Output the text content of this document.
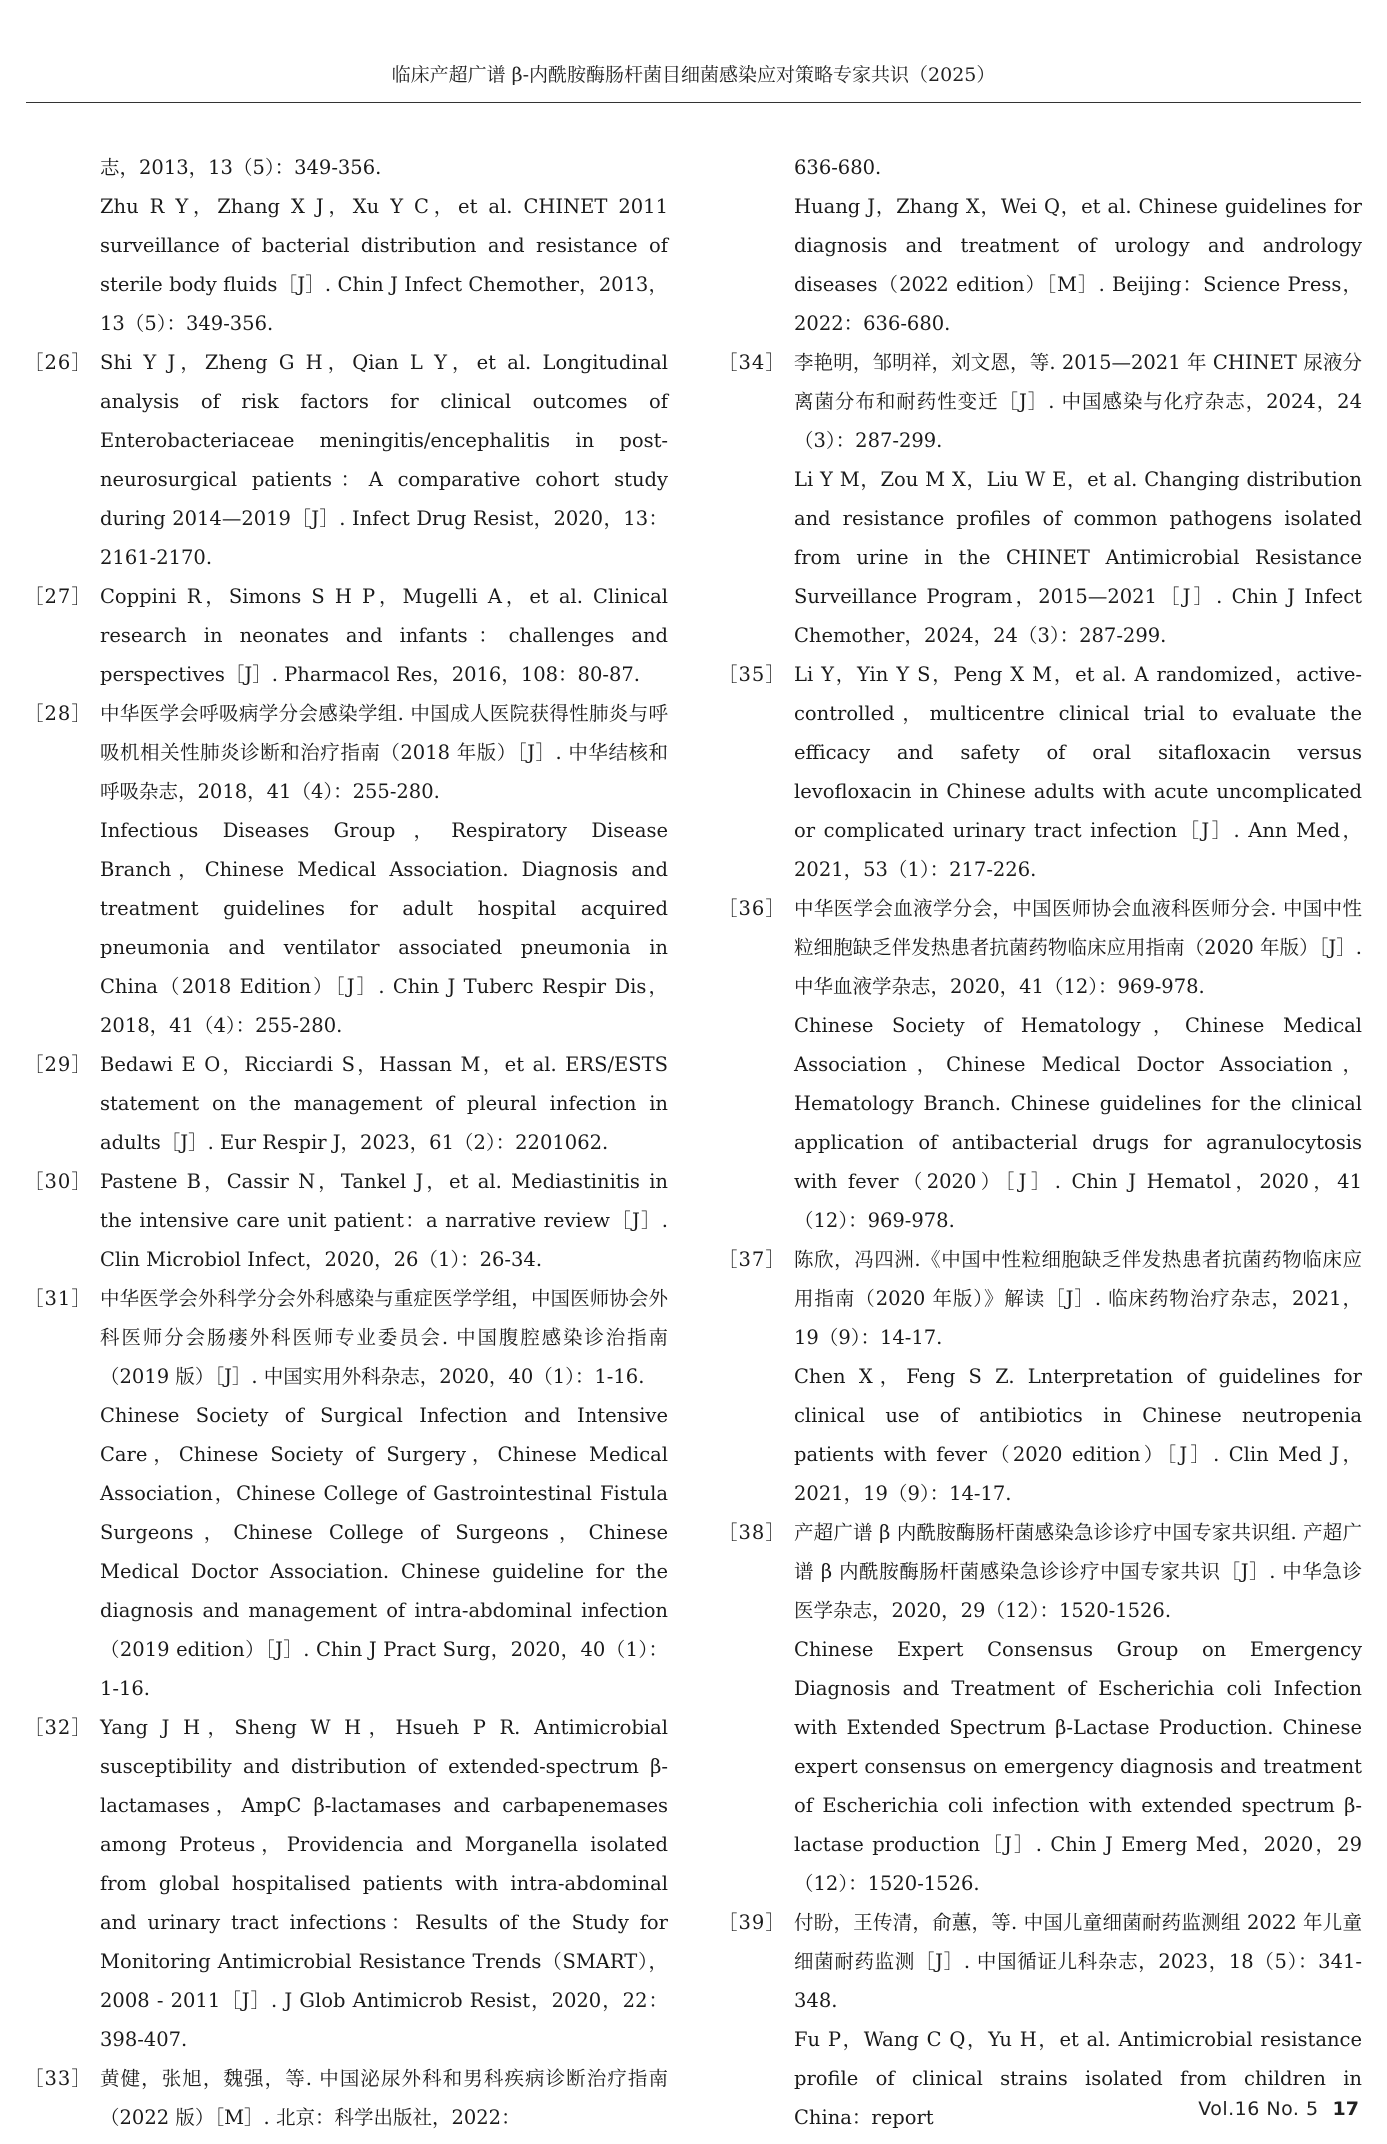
临床产超广谱 β-内酰胺酶肠杆菌目细菌感染应对策略专家共识（2025）
志，2013，13（5）：349-356.
Zhu R Y，Zhang X J，Xu Y C，et al. CHINET 2011 surveillance of bacterial distribution and resistance of sterile body fluids［J］. Chin J Infect Chemother，2013，13（5）：349-356.
［26］ Shi Y J，Zheng G H，Qian L Y，et al. Longitudinal analysis of risk factors for clinical outcomes of Enterobacteriaceae meningitis/encephalitis in post-neurosurgical patients：A comparative cohort study during 2014—2019［J］. Infect Drug Resist，2020，13：2161-2170.
［27］ Coppini R，Simons S H P，Mugelli A，et al. Clinical research in neonates and infants：challenges and perspectives［J］. Pharmacol Res，2016，108：80-87.
［28］ 中华医学会呼吸病学分会感染学组. 中国成人医院获得性肺炎与呼吸机相关性肺炎诊断和治疗指南（2018 年版）［J］. 中华结核和呼吸杂志，2018，41（4）：255-280.
Infectious Diseases Group，Respiratory Disease Branch，Chinese Medical Association. Diagnosis and treatment guidelines for adult hospital acquired pneumonia and ventilator associated pneumonia in China（2018 Edition）［J］. Chin J Tuberc Respir Dis，2018，41（4）：255-280.
［29］ Bedawi E O，Ricciardi S，Hassan M，et al. ERS/ESTS statement on the management of pleural infection in adults［J］. Eur Respir J，2023，61（2）：2201062.
［30］ Pastene B，Cassir N，Tankel J，et al. Mediastinitis in the intensive care unit patient：a narrative review［J］. Clin Microbiol Infect，2020，26（1）：26-34.
［31］ 中华医学会外科学分会外科感染与重症医学学组，中国医师协会外科医师分会肠瘘外科医师专业委员会. 中国腹腔感染诊治指南（2019 版）［J］. 中国实用外科杂志，2020，40（1）：1-16.
Chinese Society of Surgical Infection and Intensive Care，Chinese Society of Surgery，Chinese Medical Association，Chinese College of Gastrointestinal Fistula Surgeons，Chinese College of Surgeons，Chinese Medical Doctor Association. Chinese guideline for the diagnosis and management of intra-abdominal infection（2019 edition）［J］. Chin J Pract Surg，2020，40（1）：1-16.
［32］ Yang J H，Sheng W H，Hsueh P R. Antimicrobial susceptibility and distribution of extended-spectrum β-lactamases，AmpC β-lactamases and carbapenemases among Proteus，Providencia and Morganella isolated from global hospitalised patients with intra-abdominal and urinary tract infections：Results of the Study for Monitoring Antimicrobial Resistance Trends（SMART），2008 - 2011［J］. J Glob Antimicrob Resist，2020，22：398-407.
［33］ 黄健，张旭，魏强，等. 中国泌尿外科和男科疾病诊断治疗指南（2022 版）［M］. 北京：科学出版社，2022：
636-680.
Huang J，Zhang X，Wei Q，et al. Chinese guidelines for diagnosis and treatment of urology and andrology diseases（2022 edition）［M］. Beijing：Science Press，2022：636-680.
［34］ 李艳明，邹明祥，刘文恩，等. 2015—2021 年 CHINET 尿液分离菌分布和耐药性变迁［J］. 中国感染与化疗杂志，2024，24（3）：287-299.
Li Y M，Zou M X，Liu W E，et al. Changing distribution and resistance profiles of common pathogens isolated from urine in the CHINET Antimicrobial Resistance Surveillance Program，2015—2021［J］. Chin J Infect Chemother，2024，24（3）：287-299.
［35］ Li Y，Yin Y S，Peng X M，et al. A randomized，active-controlled，multicentre clinical trial to evaluate the efficacy and safety of oral sitafloxacin versus levofloxacin in Chinese adults with acute uncomplicated or complicated urinary tract infection［J］. Ann Med，2021，53（1）：217-226.
［36］ 中华医学会血液学分会，中国医师协会血液科医师分会. 中国中性粒细胞缺乏伴发热患者抗菌药物临床应用指南（2020 年版）［J］. 中华血液学杂志，2020，41（12）：969-978.
Chinese Society of Hematology，Chinese Medical Association，Chinese Medical Doctor Association，Hematology Branch. Chinese guidelines for the clinical application of antibacterial drugs for agranulocytosis with fever（2020）［J］. Chin J Hematol，2020，41（12）：969-978.
［37］ 陈欣，冯四洲.《中国中性粒细胞缺乏伴发热患者抗菌药物临床应用指南（2020 年版）》解读［J］. 临床药物治疗杂志，2021，19（9）：14-17.
Chen X，Feng S Z. Lnterpretation of guidelines for clinical use of antibiotics in Chinese neutropenia patients with fever（2020 edition）［J］. Clin Med J，2021，19（9）：14-17.
［38］ 产超广谱 β 内酰胺酶肠杆菌感染急诊诊疗中国专家共识组. 产超广谱 β 内酰胺酶肠杆菌感染急诊诊疗中国专家共识［J］. 中华急诊医学杂志，2020，29（12）：1520-1526.
Chinese Expert Consensus Group on Emergency Diagnosis and Treatment of Escherichia coli Infection with Extended Spectrum β-Lactase Production. Chinese expert consensus on emergency diagnosis and treatment of Escherichia coli infection with extended spectrum β-lactase production［J］. Chin J Emerg Med，2020，29（12）：1520-1526.
［39］ 付盼，王传清，俞蕙，等. 中国儿童细菌耐药监测组 2022 年儿童细菌耐药监测［J］. 中国循证儿科杂志，2023，18（5）：341-348.
Fu P，Wang C Q，Yu H，et al. Antimicrobial resistance profile of clinical strains isolated from children in China：report	Vol.16 No. 5 17
